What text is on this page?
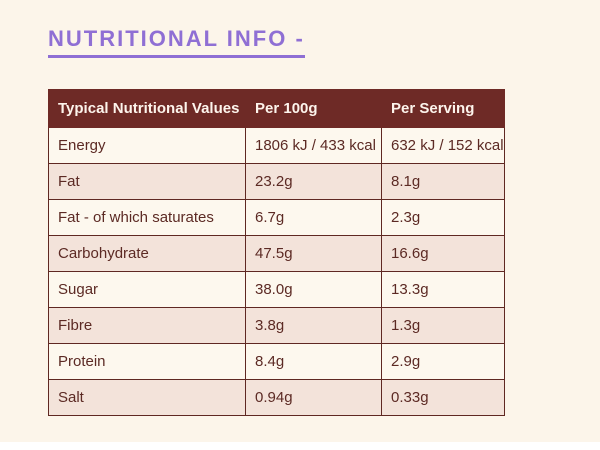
NUTRITIONAL INFO -
Typical Nutritional Values	Per 100g	Per Serving
Energy	1806 kJ / 433 kcal	632 kJ / 152 kcal
Fat	23.2g	8.1g
Fat - of which saturates	6.7g	2.3g
Carbohydrate	47.5g	16.6g
Sugar	38.0g	13.3g
Fibre	3.8g	1.3g
Protein	8.4g	2.9g
Salt	0.94g	0.33g
